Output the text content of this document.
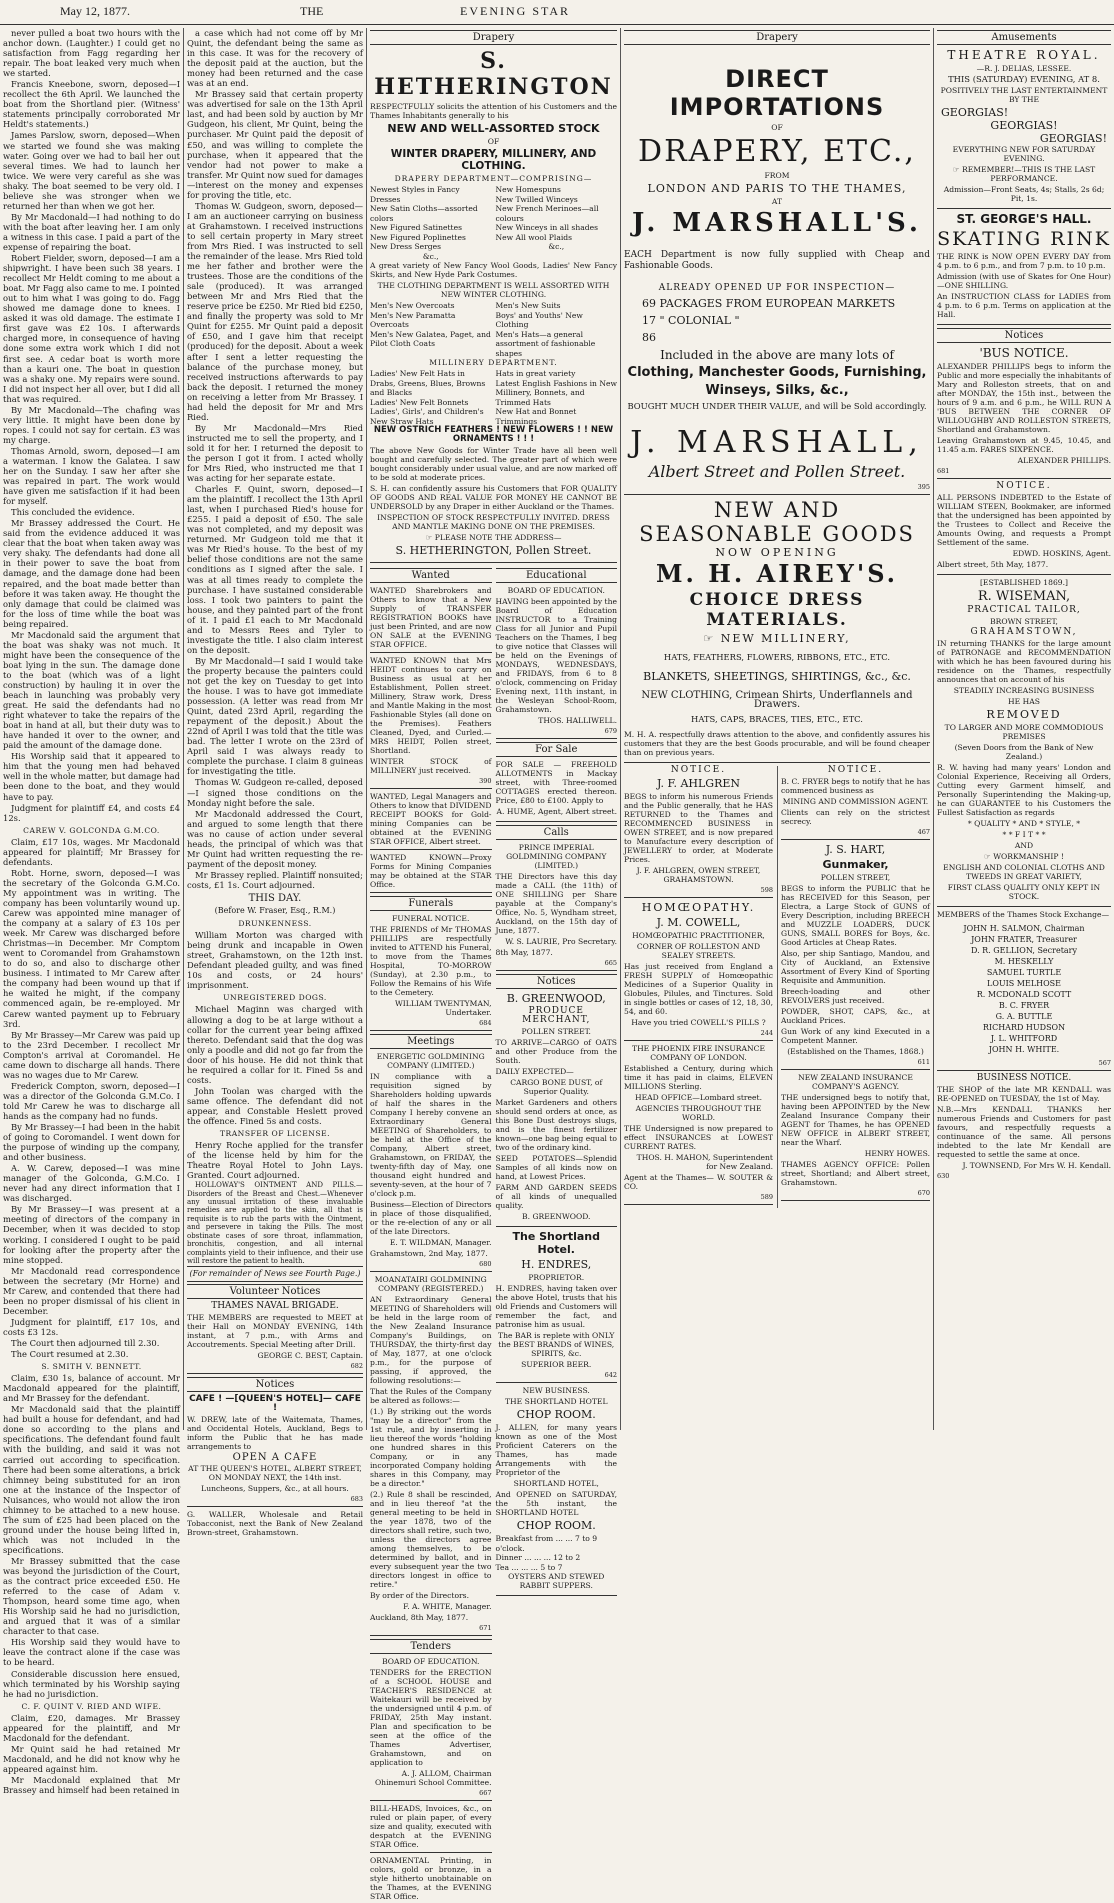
May 12, 1877.	THE	EVENING STAR

never pulled a boat two hours with the anchor down. (Laughter.) I could get no satisfaction from Fagg regarding her repair. The boat leaked very much when we started.

Francis Kneebone, sworn, deposed—I recollect the 6th April. We launched the boat from the Shortland pier. (Witness' statements principally corroborated Mr Heldt's statements.)

James Parslow, sworn, deposed—When we started we found she was making water. Going over we had to bail her out several times. We had to launch her twice. We were very careful as she was shaky. The boat seemed to be very old. I believe she was stronger when we returned her than when we got her.

By Mr Macdonald—I had nothing to do with the boat after leaving her. I am only a witness in this case. I paid a part of the expense of repairing the boat.

Robert Fielder, sworn, deposed—I am a shipwright. I have been such 38 years. I recollect Mr Heldt coming to me about a boat. Mr Fagg also came to me. I pointed out to him what I was going to do. Fagg showed me damage done to knees. I asked it was old damage. The estimate I first gave was £2 10s. I afterwards charged more, in consequence of having done some extra work which I did not first see. A cedar boat is worth more than a kauri one. The boat in question was a shaky one. My repairs were sound. I did not inspect her all over, but I did all that was required.

By Mr Macdonald—The chafing was very little. It might have been done by ropes. I could not say for certain. £3 was my charge.

Thomas Arnold, sworn, deposed—I am a waterman. I know the Galatea. I saw her on the Sunday. I saw her after she was repaired in part. The work would have given me satisfaction if it had been for myself.

This concluded the evidence.

Mr Brassey addressed the Court. He said from the evidence adduced it was clear that the boat when taken away was very shaky. The defendants had done all in their power to save the boat from damage, and the damage done had been repaired, and the boat made better than before it was taken away. He thought the only damage that could be claimed was for the loss of time while the boat was being repaired.

Mr Macdonald said the argument that the boat was shaky was not much. It might have been the consequence of the boat lying in the sun. The damage done to the boat (which was of a light construction) by hauling it in over the beach in launching was probably very great. He said the defendants had no right whatever to take the repairs of the boat in hand at all, but their duty was to have handed it over to the owner, and paid the amount of the damage done.

His Worship said that it appeared to him that the young men had behaved well in the whole matter, but damage had been done to the boat, and they would have to pay.

Judgment for plaintiff £4, and costs £4 12s.

CAREW V. GOLCONDA G.M.CO.

Claim, £17 10s, wages. Mr Macdonald appeared for plaintiff; Mr Brassey for defendants.

Robt. Horne, sworn, deposed—I was the secretary of the Golconda G.M.Co. My appointment was in writing. The company has been voluntarily wound up. Carew was appointed mine manager of the company at a salary of £3 10s per week. Mr Carew was discharged before Christmas—in December. Mr Comptom went to Coromandel from Grahamstown to do so, and also to discharge other business. I intimated to Mr Carew after the company had been wound up that if he waited he might, if the company commenced again, be re-employed. Mr Carew wanted payment up to February 3rd.

By Mr Brassey—Mr Carew was paid up to the 23rd December. I recollect Mr Compton's arrival at Coromandel. He came down to discharge all hands. There was no wages due to Mr Carew.

Frederick Compton, sworn, deposed—I was a director of the Golconda G.M.Co. I told Mr Carew he was to discharge all hands as the company had no funds.

By Mr Brassey—I had been in the habit of going to Coromandel. I went down for the purpose of winding up the company, and other business.

A. W. Carew, deposed—I was mine manager of the Golconda, G.M.Co. I never had any direct information that I was discharged.

By Mr Brassey—I was present at a meeting of directors of the company in December, when it was decided to stop working. I considered I ought to be paid for looking after the property after the mine stopped.

Mr Macdonald read correspondence between the secretary (Mr Horne) and Mr Carew, and contended that there had been no proper dismissal of his client in December.

Judgment for plaintiff, £17 10s, and costs £3 12s.

The Court then adjourned till 2.30.

The Court resumed at 2.30.

S. SMITH V. BENNETT.

Claim, £30 1s, balance of account. Mr Macdonald appeared for the plaintiff, and Mr Brassey for the defendant.

Mr Macdonald said that the plaintiff had built a house for defendant, and had done so according to the plans and specifications. The defendant found fault with the building, and said it was not carried out according to specification. There had been some alterations, a brick chimney being substituted for an iron one at the instance of the Inspector of Nuisances, who would not allow the iron chimney to be attached to a new house. The sum of £25 had been placed on the ground under the house being lifted in, which was not included in the specifications.

Mr Brassey submitted that the case was beyond the jurisdiction of the Court, as the contract price exceeded £50. He referred to the case of Adam v. Thompson, heard some time ago, when His Worship said he had no jurisdiction, and argued that it was of a similar character to that case.

His Worship said they would have to leave the contract alone if the case was to be heard.

Considerable discussion here ensued, which terminated by his Worship saying he had no jurisdiction.

C. F. QUINT V. RIED AND WIFE.

Claim, £20, damages. Mr Brassey appeared for the plaintiff, and Mr Macdonald for the defendant.

Mr Quint said he had retained Mr Macdonald, and he did not know why he appeared against him.

Mr Macdonald explained that Mr Brassey and himself had been retained in

a case which had not come off by Mr Quint, the defendant being the same as in this case. It was for the recovery of the deposit paid at the auction, but the money had been returned and the case was at an end.

Mr Brassey said that certain property was advertised for sale on the 13th April last, and had been sold by auction by Mr Gudgeon, his client, Mr Quint, being the purchaser. Mr Quint paid the deposit of £50, and was willing to complete the purchase, when it appeared that the vendor had not power to make a transfer. Mr Quint now sued for damages—interest on the money and expenses for proving the title, etc.

Thomas W. Gudgeon, sworn, deposed—I am an auctioneer carrying on business at Grahamstown. I received instructions to sell certain property in Mary street from Mrs Ried. I was instructed to sell the remainder of the lease. Mrs Ried told me her father and brother were the trustees. Those are the conditions of the sale (produced). It was arranged between Mr and Mrs Ried that the reserve price be £250. Mr Ried bid £250, and finally the property was sold to Mr Quint for £255. Mr Quint paid a deposit of £50, and I gave him that receipt (produced) for the deposit. About a week after I sent a letter requesting the balance of the purchase money, but received instructions afterwards to pay back the deposit. I returned the money on receiving a letter from Mr Brassey. I had held the deposit for Mr and Mrs Ried.

By Mr Macdonald—Mrs Ried instructed me to sell the property, and I sold it for her. I returned the deposit to the person I got it from. I acted wholly for Mrs Ried, who instructed me that I was acting for her separate estate.

Charles F. Quint, sworn, deposed—I am the plaintiff. I recollect the 13th April last, when I purchased Ried's house for £255. I paid a deposit of £50. The sale was not completed, and my deposit was returned. Mr Gudgeon told me that it was Mr Ried's house. To the best of my belief those conditions are not the same conditions as I signed after the sale. I was at all times ready to complete the purchase. I have sustained considerable loss. I took two painters to paint the house, and they painted part of the front of it. I paid £1 each to Mr Macdonald and to Messrs Rees and Tyler to investigate the title. I also claim interest on the deposit.

By Mr Macdonald—I said I would take the property because the painters could not get the key on Tuesday to get into the house. I was to have got immediate possession. (A letter was read from Mr Quint, dated 23rd April, regarding the repayment of the deposit.) About the 22nd of April I was told that the title was bad. The letter I wrote on the 23rd of April said I was always ready to complete the purchase. I claim 8 guineas for investigating the title.

Thomas W. Gudgeon re-called, deposed—I signed those conditions on the Monday night before the sale.

Mr Macdonald addressed the Court, and argued to some length that there was no cause of action under several heads, the principal of which was that Mr Quint had written requesting the re-payment of the deposit money.

Mr Brassey replied. Plaintiff nonsuited; costs, £1 1s. Court adjourned.

THIS DAY.

(Before W. Fraser, Esq., R.M.)

DRUNKENNESS.

William Morton was charged with being drunk and incapable in Owen street, Grahamstown, on the 12th inst. Defendant pleaded guilty, and was fined 10s and costs, or 24 hours' imprisonment.

UNREGISTERED DOGS.

Michael Maginn was charged with allowing a dog to be at large without a collar for the current year being affixed thereto. Defendant said that the dog was only a poodle and did not go far from the door of his house. He did not think that he required a collar for it. Fined 5s and costs.

John Toolan was charged with the same offence. The defendant did not appear, and Constable Heslett proved the offence. Fined 5s and costs.

TRANSFER OF LICENSE.

Henry Roche applied for the transfer of the license held by him for the Theatre Royal Hotel to John Lays. Granted. Court adjourned.

HOLLOWAY'S OINTMENT AND PILLS.—Disorders of the Breast and Chest.—Whenever any unusual irritation of these invaluable remedies are applied to the skin, all that is requisite is to rub the parts with the Ointment, and persevere in taking the Pills. The most obstinate cases of sore throat, inflammation, bronchitis, congestion, and all internal complaints yield to their influence, and their use will restore the patient to health.

(For remainder of News see Fourth Page.)

Volunteer Notices
THAMES NAVAL BRIGADE.
THE MEMBERS are requested to MEET at their Hall on MONDAY EVENING, 14th instant, at 7 p.m., with Arms and Accoutrements. Special Meeting after Drill.
GEORGE C. BEST, Captain.
682
Notices
CAFE ! —[QUEEN'S HOTEL]— CAFE !
W. DREW, late of the Waitemata, Thames, and Occidental Hotels, Auckland, Begs to inform the Public that he has made arrangements to
OPEN A CAFE
AT THE QUEEN'S HOTEL, ALBERT STREET, ON MONDAY NEXT, the 14th inst.
Luncheons, Suppers, &c., at all hours.
683
G. WALLER, Wholesale and Retail Tobacconist, next the Bank of New Zealand Brown-street, Grahamstown.
Drapery
S. HETHERINGTON
RESPECTFULLY solicits the attention of his Customers and the Thames Inhabitants generally to his
NEW AND WELL-ASSORTED STOCK
OF
WINTER DRAPERY, MILLINERY, AND CLOTHING.
DRAPERY DEPARTMENT—COMPRISING—
Newest Styles in Fancy Dresses
New Satin Cloths—assorted colors
New Figured Satinettes
New Figured Poplinettes
New Dress Serges
&c.,
New Homespuns
New Twilled Winceys
New French Merinoes—all colours
New Winceys in all shades
New All wool Plaids
&c.,
A great variety of New Fancy Wool Goods, Ladies' New Fancy Skirts, and New Hyde Park Costumes.
THE CLOTHING DEPARTMENT IS WELL ASSORTED WITH NEW WINTER CLOTHING.
Men's New Overcoats
Men's New Paramatta Overcoats
Men's New Galatea, Paget, and Pilot Cloth Coats
Men's New Suits
Boys' and Youths' New Clothing
Men's Hats—a general assortment of fashionable shapes
MILLINERY DEPARTMENT.
Ladies' New Felt Hats in Drabs, Greens, Blues, Browns and Blacks
Ladies' New Felt Bonnets
Ladies', Girls', and Children's New Straw Hats
Hats in great variety
Latest English Fashions in New Millinery, Bonnets, and Trimmed Hats
New Hat and Bonnet Trimmings
NEW OSTRICH FEATHERS ! NEW FLOWERS ! ! NEW ORNAMENTS ! ! !
The above New Goods for Winter Trade have all been well bought and carefully selected. The greater part of which were bought considerably under usual value, and are now marked off to be sold at moderate prices.
S. H. can confidently assure his Customers that FOR QUALITY OF GOODS AND REAL VALUE FOR MONEY HE CANNOT BE UNDERSOLD by any Draper in either Auckland or the Thames.
INSPECTION OF STOCK RESPECTFULLY INVITED. DRESS AND MANTLE MAKING DONE ON THE PREMISES.
☞ PLEASE NOTE THE ADDRESS—
S. HETHERINGTON, Pollen Street.
Wanted
WANTED Sharebrokers and Others to know that a New Supply of TRANSFER REGISTRATION BOOKS have just been Printed, and are now ON SALE at the EVENING STAR OFFICE.
WANTED KNOWN that Mrs HEIDT continues to carry on Business as usual at her Establishment, Pollen street. Millinery, Straw work, Dress and Mantle Making in the most Fashionable Styles (all done on the Premises). Feathers Cleaned, Dyed, and Curled.—MRS HEIDT, Pollen street, Shortland.
WINTER STOCK of MILLINERY just received.
390
WANTED, Legal Managers and Others to know that DIVIDEND RECEIPT BOOKS for Gold-mining Companies can be obtained at the EVENING STAR OFFICE, Albert street.
WANTED KNOWN—Proxy Forms for Mining Companies may be obtained at the STAR Office.
Funerals
FUNERAL NOTICE.
THE FRIENDS of Mr THOMAS PHILLIPS are respectfully invited to ATTEND his Funeral, to move from the Thames Hospital, TO-MORROW (Sunday), at 2.30 p.m., to Follow the Remains of his Wife to the Cemetery.
WILLIAM TWENTYMAN, Undertaker.
684
Meetings
ENERGETIC GOLDMINING COMPANY (LIMITED.)
IN compliance with a requisition signed by Shareholders holding upwards of half the shares in the Company I hereby convene an Extraordinary General MEETING of Shareholders, to be held at the Office of the Company, Albert street, Grahamstown, on FRIDAY, the twenty-fifth day of May, one thousand eight hundred and seventy-seven, at the hour of 7 o'clock p.m.
Business—Election of Directors in place of those disqualified, or the re-election of any or all of the late Directors.
E. T. WILDMAN, Manager.
Grahamstown, 2nd May, 1877.
680
MOANATAIRI GOLDMINING COMPANY (REGISTERED.)
AN Extraordinary General MEETING of Shareholders will be held in the large room of the New Zealand Insurance Company's Buildings, on THURSDAY, the thirty-first day of May, 1877, at one o'clock p.m., for the purpose of passing, if approved, the following resolutions:—
That the Rules of the Company be altered as follows:—
(1.) By striking out the words "may be a director" from the 1st rule, and by inserting in lieu thereof the words "holding one hundred shares in this Company, or in any incorporated Company holding shares in this Company, may be a director."
(2.) Rule 8 shall be rescinded, and in lieu thereof "at the general meeting to be held in the year 1878, two of the directors shall retire, such two, unless the directors agree among themselves, to be determined by ballot, and in every subsequent year the two directors longest in office to retire."
By order of the Directors.
F. A. WHITE, Manager.
Auckland, 8th May, 1877.
671
Tenders
BOARD OF EDUCATION.
TENDERS for the ERECTION of a SCHOOL HOUSE and TEACHER'S RESIDENCE at Waitekauri will be received by the undersigned until 4 p.m. of FRIDAY, 25th May instant. Plan and specification to be seen at the office of the Thames Advertiser, Grahamstown, and on application to
A. J. ALLOM, Chairman Ohinemuri School Committee.
667
BILL-HEADS, Invoices, &c., on ruled or plain paper, of every size and quality, executed with despatch at the EVENING STAR Office.
ORNAMENTAL Printing, in colors, gold or bronze, in a style hitherto unobtainable on the Thames, at the EVENING STAR Office.
Educational
BOARD OF EDUCATION.
HAVING been appointed by the Board of Education INSTRUCTOR to a Training Class for all Junior and Pupil Teachers on the Thames, I beg to give notice that Classes will be held on the Evenings of MONDAYS, WEDNESDAYS, and FRIDAYS, from 6 to 8 o'clock, commencing on Friday Evening next, 11th instant, in the Wesleyan School-Room, Grahamstown.
THOS. HALLIWELL.
679
For Sale
FOR SALE — FREEHOLD ALLOTMENTS in Mackay street, with Three-roomed COTTAGES erected thereon. Price, £80 to £100. Apply to
A. HUME, Agent, Albert street.
Calls
PRINCE IMPERIAL GOLDMINING COMPANY (LIMITED.)
THE Directors have this day made a CALL (the 11th) of ONE SHILLING per Share payable at the Company's Office, No. 5, Wyndham street, Auckland, on the 15th day of June, 1877.
W. S. LAURIE, Pro Secretary.
8th May, 1877.
665
Notices
B. GREENWOOD,
PRODUCE MERCHANT,
POLLEN STREET.
TO ARRIVE—CARGO of OATS and other Produce from the South.
DAILY EXPECTED—
CARGO BONE DUST, of Superior Quality.
Market Gardeners and others should send orders at once, as this Bone Dust destroys slugs, and is the finest fertilizer known—one bag being equal to two of the ordinary kind.
SEED POTATOES—Splendid Samples of all kinds now on hand, at Lowest Prices.
FARM AND GARDEN SEEDS of all kinds of unequalled quality.
B. GREENWOOD.
The Shortland Hotel.
H. ENDRES,
PROPRIETOR.
H. ENDRES, having taken over the above Hotel, trusts that his old Friends and Customers will remember the fact, and patronise him as usual.
The BAR is replete with ONLY the BEST BRANDS of WINES, SPIRITS, &c.
SUPERIOR BEER.
642
NEW BUSINESS.
THE SHORTLAND HOTEL
CHOP ROOM.
J. ALLEN, for many years known as one of the Most Proficient Caterers on the Thames, has made Arrangements with the Proprietor of the
SHORTLAND HOTEL,
And OPENED on SATURDAY, the 5th instant, the SHORTLAND HOTEL
CHOP ROOM.
Breakfast from ... ... 7 to 9 o'clock.
Dinner ... ... ... 12 to 2
Tea ... ... ... 5 to 7
OYSTERS AND STEWED RABBIT SUPPERS.
Drapery
DIRECT IMPORTATIONS
OF
DRAPERY, ETC.,
FROM
LONDON AND PARIS TO THE THAMES,
AT
J. MARSHALL'S.
EACH Department is now fully supplied with Cheap and Fashionable Goods.
ALREADY OPENED UP FOR INSPECTION—
69 PACKAGES FROM EUROPEAN MARKETS
17 " COLONIAL "
86
Included in the above are many lots of
Clothing, Manchester Goods, Furnishing, Winseys, Silks, &c.,
BOUGHT MUCH UNDER THEIR VALUE, and will be Sold accordingly.
J. MARSHALL,
Albert Street and Pollen Street.
395
NEW AND SEASONABLE GOODS
NOW OPENING
M. H. AIREY'S.
CHOICE DRESS MATERIALS.
☞ NEW MILLINERY,
HATS, FEATHERS, FLOWERS, RIBBONS, ETC., ETC.
BLANKETS, SHEETINGS, SHIRTINGS, &c., &c.
NEW CLOTHING, Crimean Shirts, Underflannels and Drawers.
HATS, CAPS, BRACES, TIES, ETC., ETC.
M. H. A. respectfully draws attention to the above, and confidently assures his customers that they are the best Goods procurable, and will be found cheaper than on previous years.
NOTICE.
J. F. AHLGREN
BEGS to inform his numerous Friends and the Public generally, that he HAS RETURNED to the Thames and RECOMMENCED BUSINESS in OWEN STREET, and is now prepared to Manufacture every description of JEWELLERY to order, at Moderate Prices.
J. F. AHLGREN, OWEN STREET, GRAHAMSTOWN.
598
HOMŒOPATHY.
J. M. COWELL,
HOMŒOPATHIC PRACTITIONER,
CORNER OF ROLLESTON AND SEALEY STREETS.
Has just received from England a FRESH SUPPLY of Homœopathic Medicines of a Superior Quality in Globules, Pilules, and Tinctures. Sold in single bottles or cases of 12, 18, 30, 54, and 60.
Have you tried COWELL'S PILLS ?
244
THE PHOENIX FIRE INSURANCE COMPANY OF LONDON.
Established a Century, during which time it has paid in claims, ELEVEN MILLIONS Sterling.
HEAD OFFICE—Lombard street.
AGENCIES THROUGHOUT THE WORLD.
THE Undersigned is now prepared to effect INSURANCES at LOWEST CURRENT RATES.
THOS. H. MAHON, Superintendent for New Zealand.
Agent at the Thames— W. SOUTER & CO.
589
NOTICE.
B. C. FRYER begs to notify that he has commenced business as
MINING AND COMMISSION AGENT.
Clients can rely on the strictest secrecy.
467
J. S. HART,
Gunmaker,
POLLEN STREET,
BEGS to inform the PUBLIC that he has RECEIVED for this Season, per Electra, a Large Stock of GUNS of Every Description, including BREECH and MUZZLE LOADERS, DUCK GUNS, SMALL BORES for Boys, &c. Good Articles at Cheap Rates.
Also, per ship Santiago, Mandou, and City of Auckland, an Extensive Assortment of Every Kind of Sporting Requisite and Ammunition.
Breech-loading and other REVOLVERS just received.
POWDER, SHOT, CAPS, &c., at Auckland Prices.
Gun Work of any kind Executed in a Competent Manner.
(Established on the Thames, 1868.)
611
NEW ZEALAND INSURANCE COMPANY'S AGENCY.
THE undersigned begs to notify that, having been APPOINTED by the New Zealand Insurance Company their AGENT for Thames, he has OPENED NEW OFFICE in ALBERT STREET, near the Wharf.
HENRY HOWES.
THAMES AGENCY OFFICE: Pollen street, Shortland; and Albert street, Grahamstown.
670
Amusements
THEATRE ROYAL.
—R. J. DELIAS, LESSEE.
THIS (SATURDAY) EVENING, AT 8.
POSITIVELY THE LAST ENTERTAINMENT BY THE
GEORGIAS!
GEORGIAS!
GEORGIAS!
EVERYTHING NEW FOR SATURDAY EVENING.
☞ REMEMBER!—THIS IS THE LAST PERFORMANCE.
Admission—Front Seats, 4s; Stalls, 2s 6d; Pit, 1s.
ST. GEORGE'S HALL.
SKATING RINK
THE RINK is NOW OPEN EVERY DAY from 4 p.m. to 6 p.m., and from 7 p.m. to 10 p.m.
Admission (with use of Skates for One Hour)—ONE SHILLING.
An INSTRUCTION CLASS for LADIES from 4 p.m. to 6 p.m. Terms on application at the Hall.
Notices
'BUS NOTICE.
ALEXANDER PHILLIPS begs to inform the Public and more especially the inhabitants of Mary and Rolleston streets, that on and after MONDAY, the 15th inst., between the hours of 9 a.m. and 6 p.m., he WILL RUN A 'BUS BETWEEN THE CORNER OF WILLOUGHBY AND ROLLESTON STREETS, Shortland and Grahamstown.
Leaving Grahamstown at 9.45, 10.45, and 11.45 a.m. FARES SIXPENCE.
ALEXANDER PHILLIPS.
681
NOTICE.
ALL PERSONS INDEBTED to the Estate of WILLIAM STEEN, Bookmaker, are informed that the undersigned has been appointed by the Trustees to Collect and Receive the Amounts Owing, and requests a Prompt Settlement of the same.
EDWD. HOSKINS, Agent.
Albert street, 5th May, 1877.
[ESTABLISHED 1869.]
R. WISEMAN,
PRACTICAL TAILOR,
BROWN STREET,
GRAHAMSTOWN,
IN returning THANKS for the large amount of PATRONAGE and RECOMMENDATION with which he has been favoured during his residence on the Thames, respectfully announces that on account of his
STEADILY INCREASING BUSINESS
HE HAS
REMOVED
TO LARGER AND MORE COMMODIOUS PREMISES
(Seven Doors from the Bank of New Zealand.)
R. W. having had many years' London and Colonial Experience, Receiving all Orders, Cutting every Garment himself, and Personally Superintending the Making-up, he can GUARANTEE to his Customers the Fullest Satisfaction as regards
* QUALITY * AND * STYLE, *
* * F I T * *
AND
☞ WORKMANSHIP !
ENGLISH AND COLONIAL CLOTHS AND TWEEDS IN GREAT VARIETY,
FIRST CLASS QUALITY ONLY KEPT IN STOCK.
MEMBERS of the Thames Stock Exchange—
JOHN H. SALMON, Chairman
JOHN FRATER, Treasurer
D. R. GELLION, Secretary
M. HESKELLY
SAMUEL TURTLE
LOUIS MELHOSE
R. MCDONALD SCOTT
B. C. FRYER
G. A. BUTTLE
RICHARD HUDSON
J. L. WHITFORD
JOHN H. WHITE.
567
BUSINESS NOTICE.
THE SHOP of the late MR KENDALL was RE-OPENED on TUESDAY, the 1st of May.
N.B.—Mrs KENDALL THANKS her numerous Friends and Customers for past favours, and respectfully requests a continuance of the same. All persons indebted to the late Mr Kendall are requested to settle the same at once.
J. TOWNSEND, For Mrs W. H. Kendall.
630
